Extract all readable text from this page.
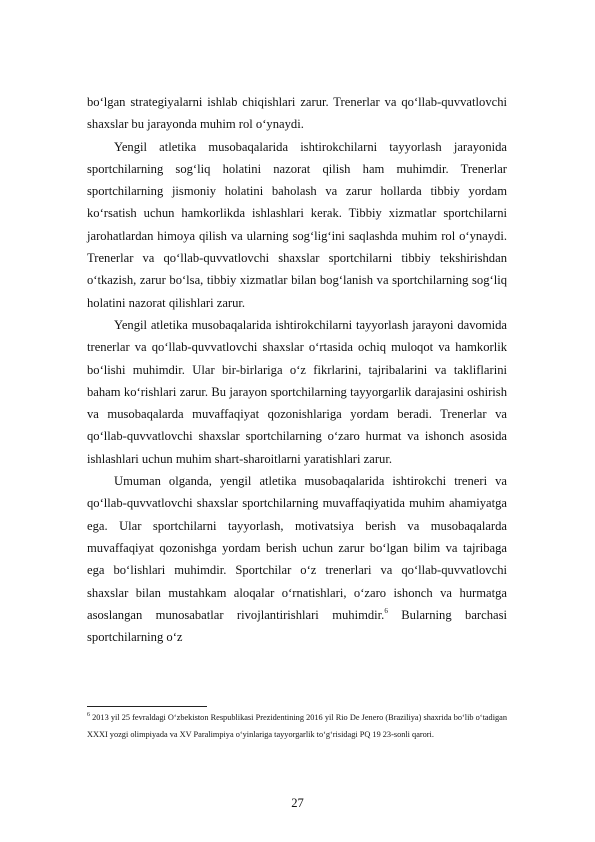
bo‘lgan strategiyalarni ishlab chiqishlari zarur. Trenerlar va qo‘llab-quvvatlovchi shaxslar bu jarayonda muhim rol o‘ynaydi.

Yengil atletika musobaqalarida ishtirokchilarni tayyorlash jarayonida sportchilarning sog‘liq holatini nazorat qilish ham muhimdir. Trenerlar sportchilarning jismoniy holatini baholash va zarur hollarda tibbiy yordam ko‘rsatish uchun hamkorlikda ishlashlari kerak. Tibbiy xizmatlar sportchilarni jarohatlardan himoya qilish va ularning sog‘lig‘ini saqlashda muhim rol o‘ynaydi. Trenerlar va qo‘llab-quvvatlovchi shaxslar sportchilarni tibbiy tekshirishdan o‘tkazish, zarur bo‘lsa, tibbiy xizmatlar bilan bog‘lanish va sportchilarning sog‘liq holatini nazorat qilishlari zarur.

Yengil atletika musobaqalarida ishtirokchilarni tayyorlash jarayoni davomida trenerlar va qo‘llab-quvvatlovchi shaxslar o‘rtasida ochiq muloqot va hamkorlik bo‘lishi muhimdir. Ular bir-birlariga o‘z fikrlarini, tajribalarini va takliflarini baham ko‘rishlari zarur. Bu jarayon sportchilarning tayyorgarlik darajasini oshirish va musobaqalarda muvaffaqiyat qozonishlariga yordam beradi. Trenerlar va qo‘llab-quvvatlovchi shaxslar sportchilarning o‘zaro hurmat va ishonch asosida ishlashlari uchun muhim shart-sharoitlarni yaratishlari zarur.

Umuman olganda, yengil atletika musobaqalarida ishtirokchi treneri va qo‘llab-quvvatlovchi shaxslar sportchilarning muvaffaqiyatida muhim ahamiyatga ega. Ular sportchilarni tayyorlash, motivatsiya berish va musobaqalarda muvaffaqiyat qozonishga yordam berish uchun zarur bo‘lgan bilim va tajribaga ega bo‘lishlari muhimdir. Sportchilar o‘z trenerlari va qo‘llab-quvvatlovchi shaxslar bilan mustahkam aloqalar o‘rnatishlari, o‘zaro ishonch va hurmatga asoslangan munosabatlar rivojlantirishlari muhimdir.$^6$ Bularning barchasi sportchilarning o‘z

$^6$ 2013 yil 25 fevraldagi O‘zbekiston Respublikasi Prezidentining 2016 yil Rio De Jenero (Braziliya) shaxrida bo‘lib o‘tadigan XXXI yozgi olimpiyada va XV Paralimpiya o‘yinlariga tayyorgarlik to‘g‘risidagi PQ 19 23-sonli qarori.

27
